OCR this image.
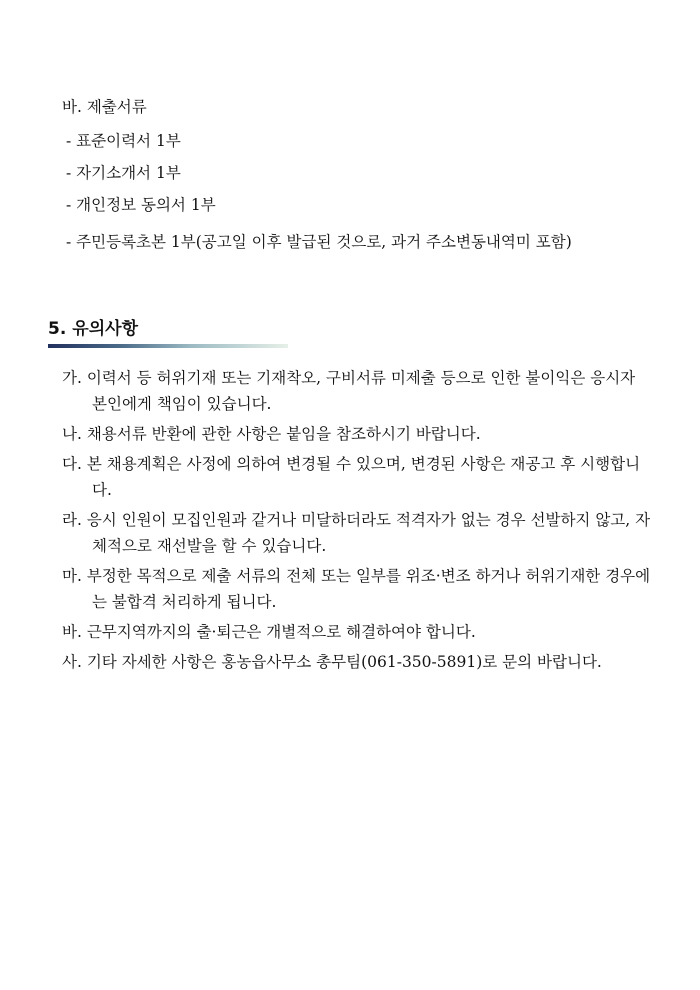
바. 제출서류
- 표준이력서 1부
- 자기소개서 1부
- 개인정보 동의서 1부
- 주민등록초본 1부(공고일 이후 발급된 것으로, 과거 주소변동내역미 포함)
5. 유의사항
가. 이력서 등 허위기재 또는 기재착오, 구비서류 미제출 등으로 인한 불이익은 응시자 본인에게 책임이 있습니다.
나. 채용서류 반환에 관한 사항은 붙임을 참조하시기 바랍니다.
다. 본 채용계획은 사정에 의하여 변경될 수 있으며, 변경된 사항은 재공고 후 시행합니다.
라. 응시 인원이 모집인원과 같거나 미달하더라도 적격자가 없는 경우 선발하지 않고, 자체적으로 재선발을 할 수 있습니다.
마. 부정한 목적으로 제출 서류의 전체 또는 일부를 위조·변조 하거나 허위기재한 경우에는 불합격 처리하게 됩니다.
바. 근무지역까지의 출·퇴근은 개별적으로 해결하여야 합니다.
사. 기타 자세한 사항은 홍농읍사무소 총무팀(061-350-5891)로 문의 바랍니다.
